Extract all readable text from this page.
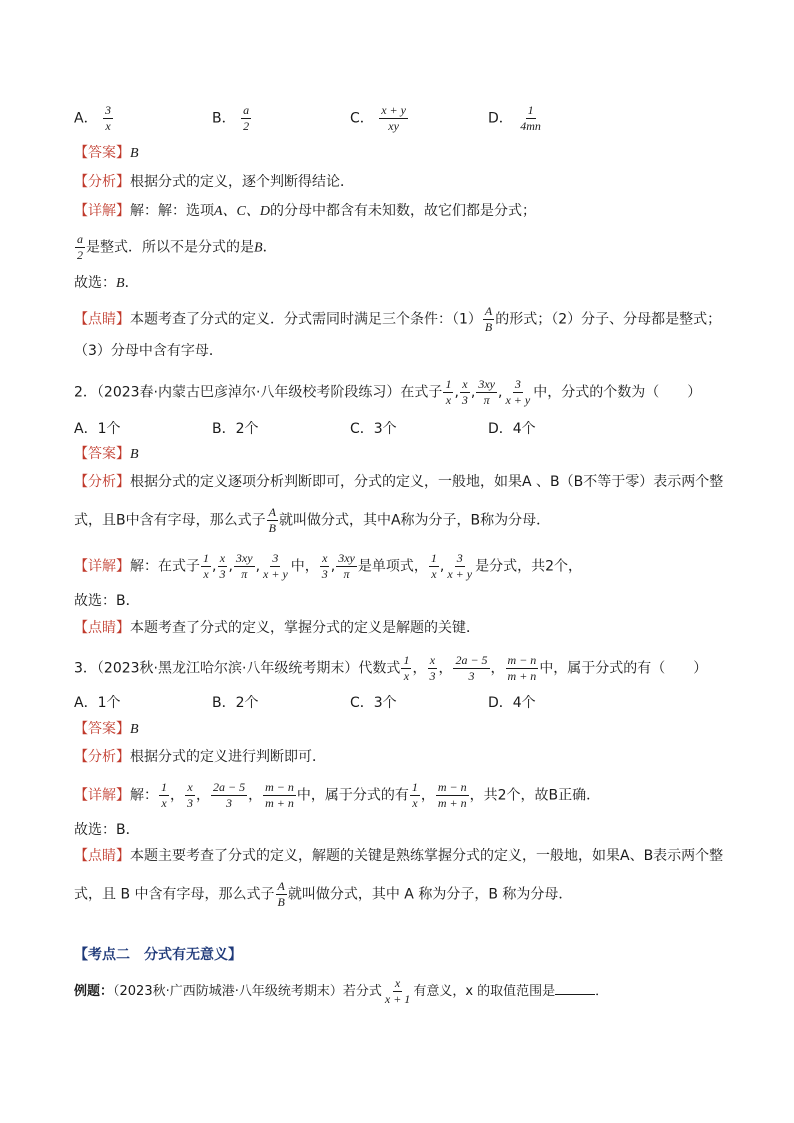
A． $\frac{3}{x}$	B． $\frac{a}{2}$	C． $\frac{x + y}{xy}$	D． $\frac{1}{4mn}$
【答案】B
【分析】根据分式的定义，逐个判断得结论．
【详解】解：解：选项A、C、D的分母中都含有未知数，故它们都是分式；
$\frac{a}{2}$ 是整式．所以不是分式的是B．
故选：B．
【点睛】本题考查了分式的定义．分式需同时满足三个条件：$(1) \frac{A}{B}$ 的形式；（2）分子、分母都是整式；
（3）分母中含有字母．
2．（2023春·内蒙古巴彦淖尔·八年级校考阶段练习）在式子 $\frac{1}{x}$ , $\frac{x}{3}$ , $\frac{3xy}{\pi}$ , $\frac{3}{x + y}$ 中，分式的个数为（　　）
A．1个	B．2个	C．3个	D．4个
【答案】B
【分析】根据分式的定义逐项分析判断即可，分式的定义，一般地，如果A 、B（B不等于零）表示两个整
式，且B中含有字母，那么式子 $\frac{A}{B}$ 就叫做分式，其中A称为分子，B称为分母．
【详解】解：在式子 $\frac{1}{x}$ , $\frac{x}{3}$ , $\frac{3xy}{\pi}$ , $\frac{3}{x + y}$ 中， $\frac{x}{3}$ , $\frac{3xy}{\pi}$ 是单项式， $\frac{1}{x}$ , $\frac{3}{x + y}$ 是分式，共2个，
故选：B．
【点睛】本题考查了分式的定义，掌握分式的定义是解题的关键．
3．（2023秋·黑龙江哈尔滨·八年级统考期末）代数式 $\frac{1}{x}$ ， $\frac{x}{3}$ ， $\frac{2a - 5}{3}$ ， $\frac{m - n}{m + n}$ 中，属于分式的有（　　）
A．1个	B．2个	C．3个	D．4个
【答案】B
【分析】根据分式的定义进行判断即可．
【详解】解： $\frac{1}{x}$ ， $\frac{x}{3}$ ， $\frac{2a - 5}{3}$ ， $\frac{m - n}{m + n}$ 中，属于分式的有 $\frac{1}{x}$ ， $\frac{m - n}{m + n}$ ，共2个，故B正确．
故选：B．
【点睛】本题主要考查了分式的定义，解题的关键是熟练掌握分式的定义，一般地，如果A、B表示两个整
式，且 B 中含有字母，那么式子 $\frac{A}{B}$ 就叫做分式，其中 A 称为分子，B 称为分母．
【考点二　分式有无意义】
例题：（2023秋·广西防城港·八年级统考期末）若分式 $\frac{x}{x + 1}$ 有意义，x 的取值范围是	．
